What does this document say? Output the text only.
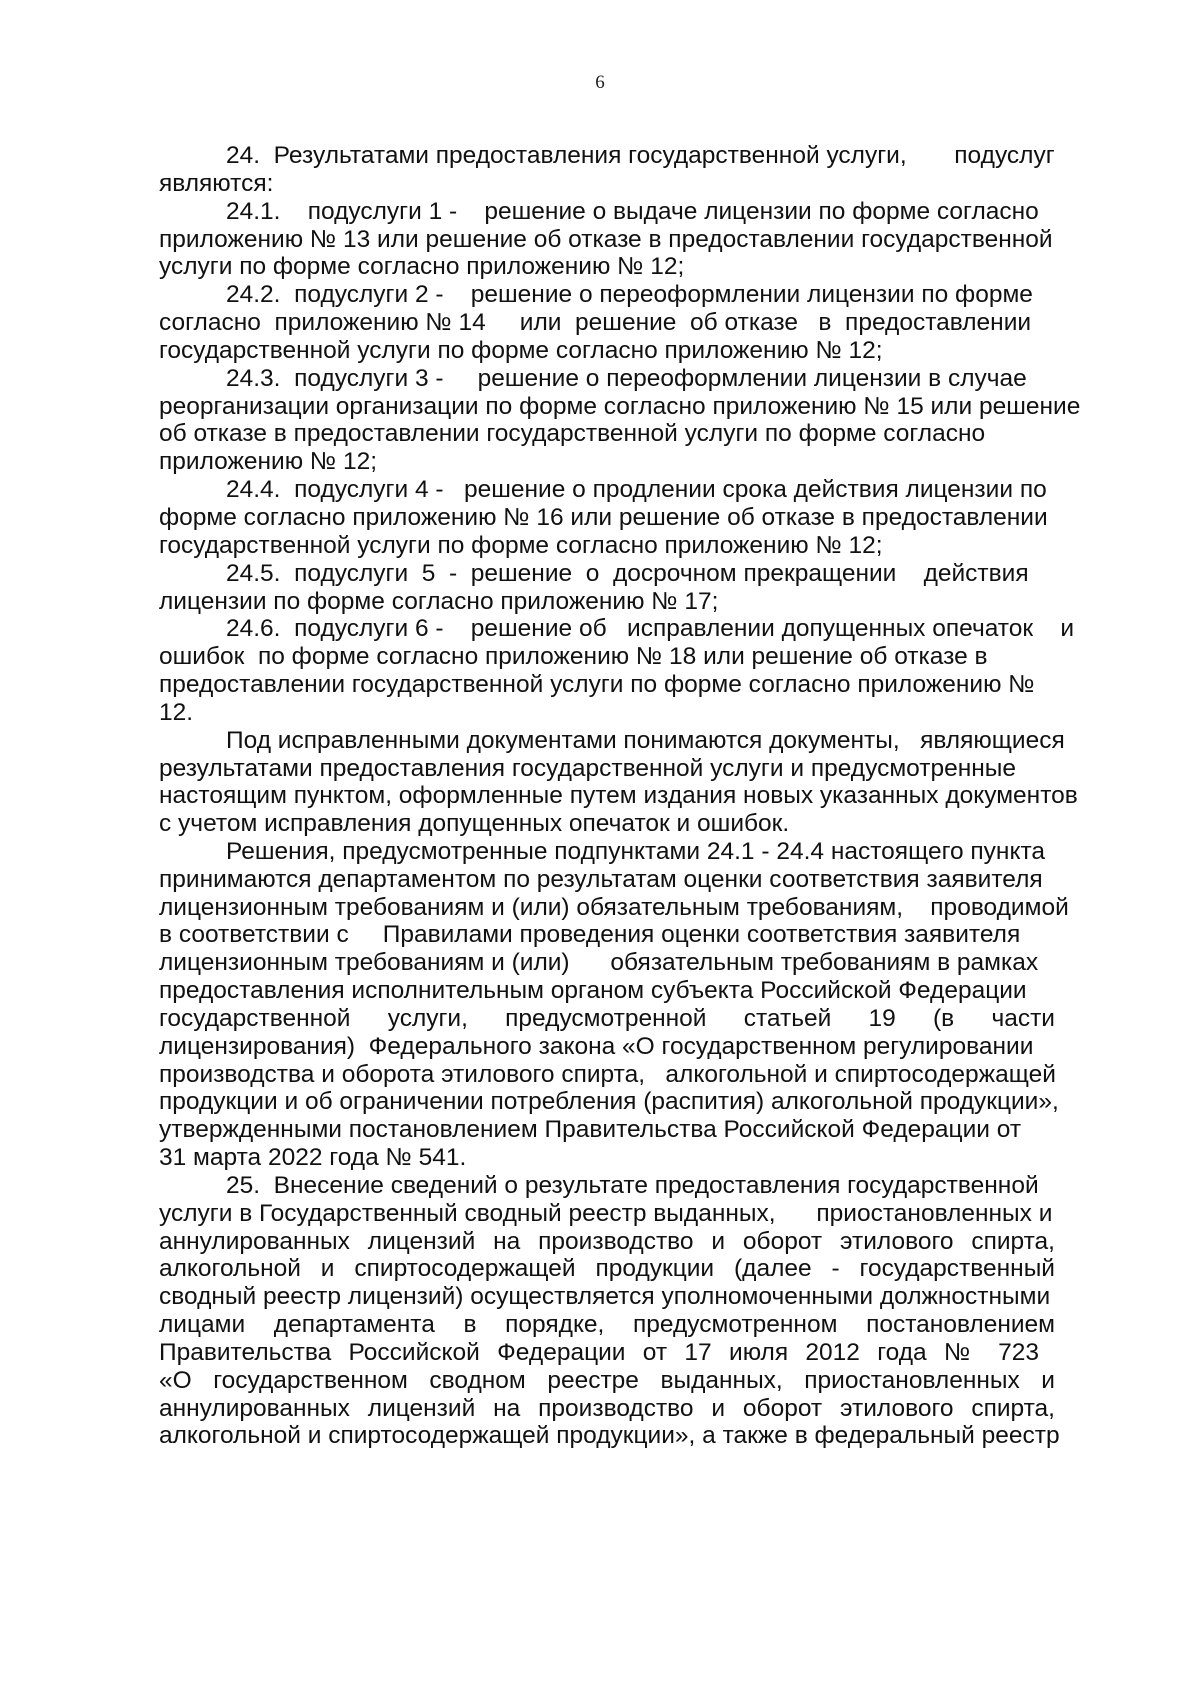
6
24.  Результатами предоставления государственной услуги,       подуслуг
являются:
24.1.    подуслуги 1 -    решение о выдаче лицензии по форме согласно
приложению № 13 или решение об отказе в предоставлении государственной
услуги по форме согласно приложению № 12;
24.2.  подуслуги 2 -    решение о переоформлении лицензии по форме
согласно  приложению № 14     или  решение  об отказе   в  предоставлении
государственной услуги по форме согласно приложению № 12;
24.3.  подуслуги 3 -     решение о переоформлении лицензии в случае
реорганизации организации по форме согласно приложению № 15 или решение
об отказе в предоставлении государственной услуги по форме согласно
приложению № 12;
24.4.  подуслуги 4 -   решение о продлении срока действия лицензии по
форме согласно приложению № 16 или решение об отказе в предоставлении
государственной услуги по форме согласно приложению № 12;
24.5.  подуслуги  5  -  решение  о  досрочном прекращении    действия
лицензии по форме согласно приложению № 17;
24.6.  подуслуги 6 -    решение об   исправлении допущенных опечаток    и
ошибок  по форме согласно приложению № 18 или решение об отказе в
предоставлении государственной услуги по форме согласно приложению №
12.
Под исправленными документами понимаются документы,   являющиеся
результатами предоставления государственной услуги и предусмотренные
настоящим пунктом, оформленные путем издания новых указанных документов
с учетом исправления допущенных опечаток и ошибок.
Решения, предусмотренные подпунктами 24.1 - 24.4 настоящего пункта
принимаются департаментом по результатам оценки соответствия заявителя
лицензионным требованиям и (или) обязательным требованиям,    проводимой
в соответствии с     Правилами проведения оценки соответствия заявителя
лицензионным требованиям и (или)      обязательным требованиям в рамках
предоставления исполнительным органом субъекта Российской Федерации
государственной услуги, предусмотренной статьей 19 (в части
лицензирования)  Федерального закона «О государственном регулировании
производства и оборота этилового спирта,   алкогольной и спиртосодержащей
продукции и об ограничении потребления (распития) алкогольной продукции»,
утвержденными постановлением Правительства Российской Федерации от
31 марта 2022 года № 541.
25.  Внесение сведений о результате предоставления государственной
услуги в Государственный сводный реестр выданных,      приостановленных и
аннулированных лицензий на производство и оборот этилового спирта,
алкогольной и спиртосодержащей продукции (далее - государственный
сводный реестр лицензий) осуществляется уполномоченными должностными
лицами департамента в порядке, предусмотренном постановлением
Правительства Российской Федерации от 17 июля 2012 года № 723
«О государственном сводном реестре выданных, приостановленных и
аннулированных лицензий на производство и оборот этилового спирта,
алкогольной и спиртосодержащей продукции», а также в федеральный реестр
